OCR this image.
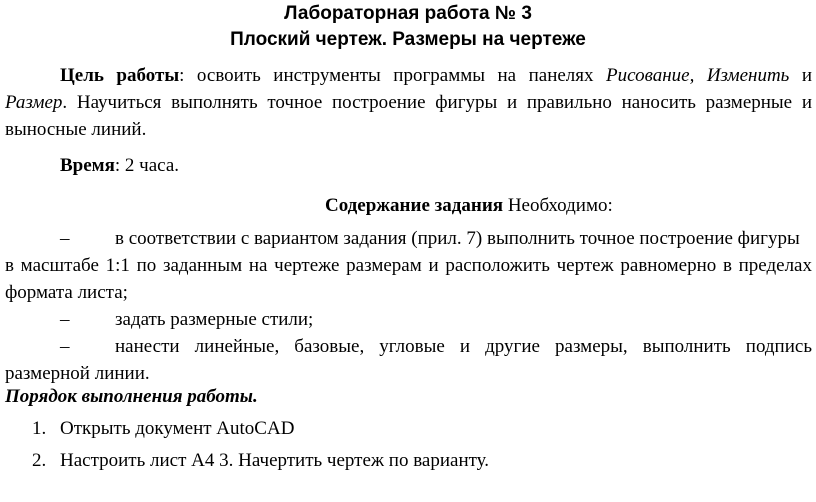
Лабораторная работа № 3
Плоский чертеж. Размеры на чертеже
Цель работы: освоить инструменты программы на панелях Рисование, Изменить и
Размер. Научиться выполнять точное построение фигуры и правильно наносить размерные и
выносные линий.
Время: 2 часа.
Содержание задания Необходимо:
– в соответствии с вариантом задания (прил. 7) выполнить точное построение фигуры
в масштабе 1:1 по заданным на чертеже размерам и расположить чертеж равномерно в пределах
формата листа;
– задать размерные стили;
– нанести линейные, базовые, угловые и другие размеры, выполнить подпись
размерной линии.
Порядок выполнения работы.
1. Открыть документ AutoCAD
2. Настроить лист А4 3. Начертить чертеж по варианту.
